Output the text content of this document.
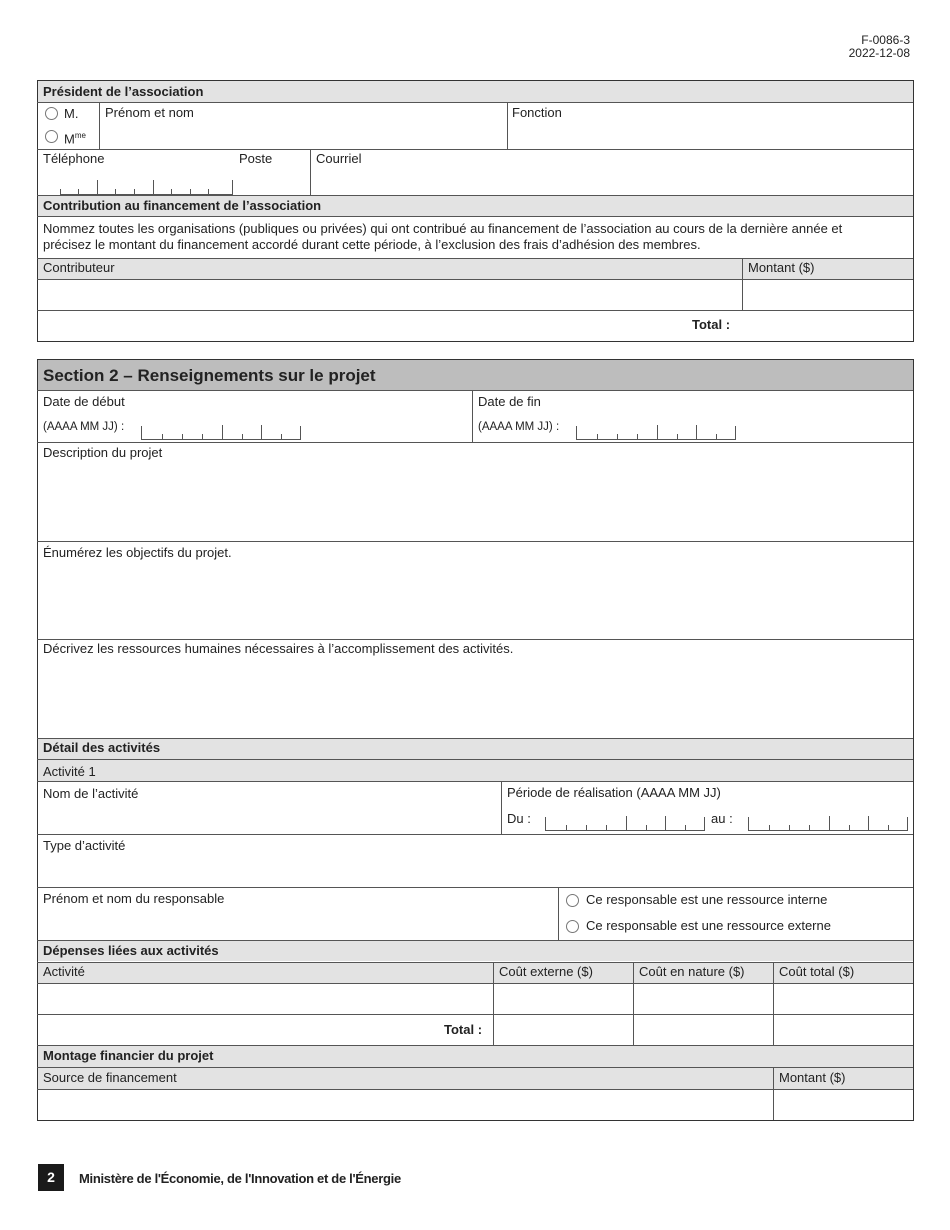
F-0086-3
2022-12-08
Président de l’association
M.
$M^{me}$
Prénom et nom	Fonction
Téléphone	Poste	Courriel
Contribution au financement de l’association
Nommez toutes les organisations (publiques ou privées) qui ont contribué au financement de l’association au cours de la dernière année et
précisez le montant du financement accordé durant cette période, à l’exclusion des frais d’adhésion des membres.
Contributeur	Montant ($)
Total :
Section 2 – Renseignements sur le projet
Date de début
(AAAA MM JJ) :
Date de fin
(AAAA MM JJ) :
Description du projet
Énumérez les objectifs du projet.
Décrivez les ressources humaines nécessaires à l’accomplissement des activités.
Détail des activités
Activité 1
Nom de l’activité	Période de réalisation (AAAA MM JJ)
Du :	au :
Type d’activité
Prénom et nom du responsable	Ce responsable est une ressource interne
Ce responsable est une ressource externe
Dépenses liées aux activités
Activité	Coût externe ($)	Coût en nature ($)	Coût total ($)
Total :
Montage financier du projet
Source de financement	Montant ($)
2	Ministère de l'Économie, de l'Innovation et de l'Énergie
